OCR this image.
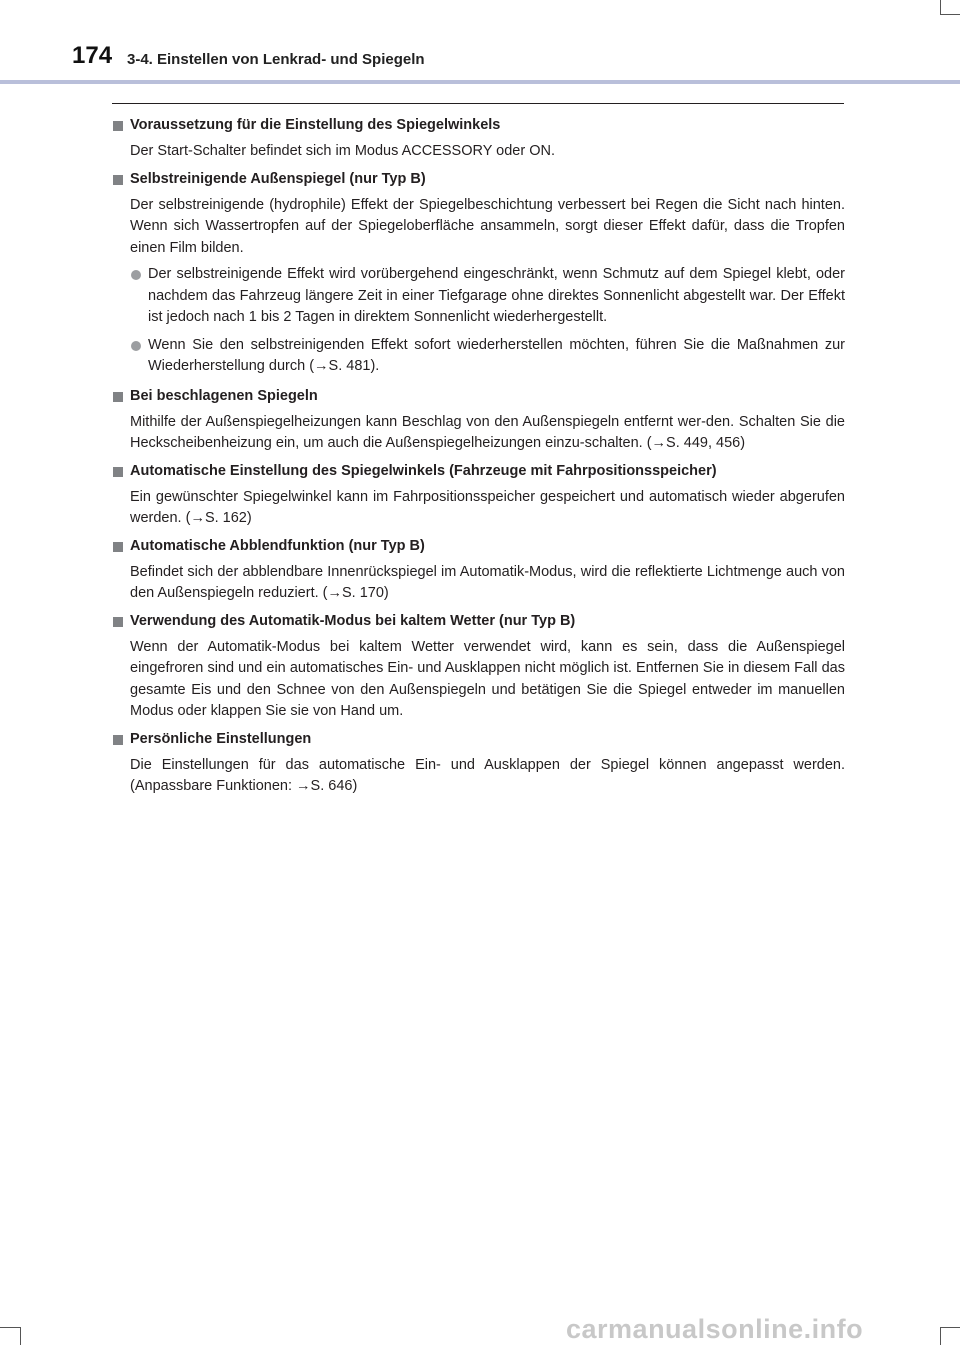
174 3-4. Einstellen von Lenkrad- und Spiegeln
Voraussetzung für die Einstellung des Spiegelwinkels
Der Start-Schalter befindet sich im Modus ACCESSORY oder ON.
Selbstreinigende Außenspiegel (nur Typ B)
Der selbstreinigende (hydrophile) Effekt der Spiegelbeschichtung verbessert bei Regen die Sicht nach hinten. Wenn sich Wassertropfen auf der Spiegeloberfläche ansammeln, sorgt dieser Effekt dafür, dass die Tropfen einen Film bilden.
Der selbstreinigende Effekt wird vorübergehend eingeschränkt, wenn Schmutz auf dem Spiegel klebt, oder nachdem das Fahrzeug längere Zeit in einer Tiefgarage ohne direktes Sonnenlicht abgestellt war. Der Effekt ist jedoch nach 1 bis 2 Tagen in direktem Sonnenlicht wiederhergestellt.
Wenn Sie den selbstreinigenden Effekt sofort wiederherstellen möchten, führen Sie die Maßnahmen zur Wiederherstellung durch (→S. 481).
Bei beschlagenen Spiegeln
Mithilfe der Außenspiegelheizungen kann Beschlag von den Außenspiegeln entfernt wer-den. Schalten Sie die Heckscheibenheizung ein, um auch die Außenspiegelheizungen einzu-schalten. (→S. 449, 456)
Automatische Einstellung des Spiegelwinkels (Fahrzeuge mit Fahrpositionsspeicher)
Ein gewünschter Spiegelwinkel kann im Fahrpositionsspeicher gespeichert und automatisch wieder abgerufen werden. (→S. 162)
Automatische Abblendfunktion (nur Typ B)
Befindet sich der abblendbare Innenrückspiegel im Automatik-Modus, wird die reflektierte Lichtmenge auch von den Außenspiegeln reduziert. (→S. 170)
Verwendung des Automatik-Modus bei kaltem Wetter (nur Typ B)
Wenn der Automatik-Modus bei kaltem Wetter verwendet wird, kann es sein, dass die Außenspiegel eingefroren sind und ein automatisches Ein- und Ausklappen nicht möglich ist. Entfernen Sie in diesem Fall das gesamte Eis und den Schnee von den Außenspiegeln und betätigen Sie die Spiegel entweder im manuellen Modus oder klappen Sie sie von Hand um.
Persönliche Einstellungen
Die Einstellungen für das automatische Ein- und Ausklappen der Spiegel können angepasst werden. (Anpassbare Funktionen: →S. 646)
carmanualsonline.info
